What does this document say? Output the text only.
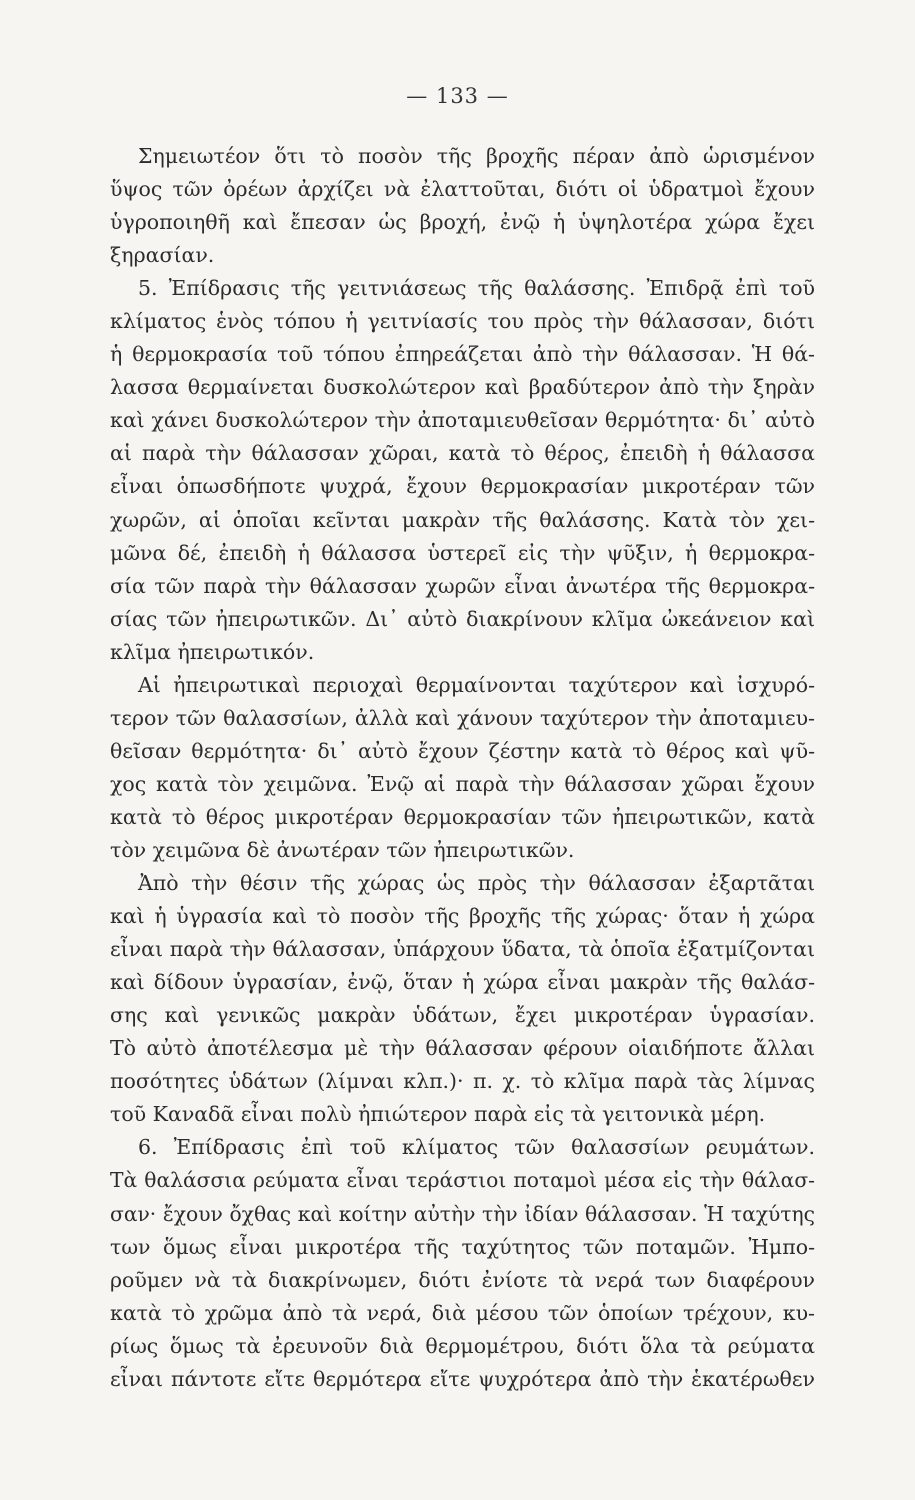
— 133 —
Σημειωτέον ὅτι τὸ ποσὸν τῆς βροχῆς πέραν ἀπὸ ὡρισμένον
ὕψος τῶν ὀρέων ἀρχίζει νὰ ἐλαττοῦται, διότι οἱ ὑδρατμοὶ ἔχουν
ὑγροποιηθῆ καὶ ἔπεσαν ὡς βροχή, ἐνῷ ἡ ὑψηλοτέρα χώρα ἔχει
ξηρασίαν.
5. Ἐπίδρασις τῆς γειτνιάσεως τῆς θαλάσσης. Ἐπιδρᾷ ἐπὶ τοῦ
κλίματος ἑνὸς τόπου ἡ γειτνίασίς του πρὸς τὴν θάλασσαν, διότι
ἡ θερμοκρασία τοῦ τόπου ἐπηρεάζεται ἀπὸ τὴν θάλασσαν. Ἡ θά-
λασσα θερμαίνεται δυσκολώτερον καὶ βραδύτερον ἀπὸ τὴν ξηρὰν
καὶ χάνει δυσκολώτερον τὴν ἀποταμιευθεῖσαν θερμότητα· δι᾿ αὐτὸ
αἱ παρὰ τὴν θάλασσαν χῶραι, κατὰ τὸ θέρος, ἐπειδὴ ἡ θάλασσα
εἶναι ὁπωσδήποτε ψυχρά, ἔχουν θερμοκρασίαν μικροτέραν τῶν
χωρῶν, αἱ ὁποῖαι κεῖνται μακρὰν τῆς θαλάσσης. Κατὰ τὸν χει-
μῶνα δέ, ἐπειδὴ ἡ θάλασσα ὑστερεῖ εἰς τὴν ψῦξιν, ἡ θερμοκρα-
σία τῶν παρὰ τὴν θάλασσαν χωρῶν εἶναι ἀνωτέρα τῆς θερμοκρα-
σίας τῶν ἠπειρωτικῶν. Δι᾿ αὐτὸ διακρίνουν κλῖμα ὠκεάνειον καὶ
κλῖμα ἠπειρωτικόν.
Αἱ ἠπειρωτικαὶ περιοχαὶ θερμαίνονται ταχύτερον καὶ ἰσχυρό-
τερον τῶν θαλασσίων, ἀλλὰ καὶ χάνουν ταχύτερον τὴν ἀποταμιευ-
θεῖσαν θερμότητα· δι᾿ αὐτὸ ἔχουν ζέστην κατὰ τὸ θέρος καὶ ψῦ-
χος κατὰ τὸν χειμῶνα. Ἐνῷ αἱ παρὰ τὴν θάλασσαν χῶραι ἔχουν
κατὰ τὸ θέρος μικροτέραν θερμοκρασίαν τῶν ἠπειρωτικῶν, κατὰ
τὸν χειμῶνα δὲ ἀνωτέραν τῶν ἠπειρωτικῶν.
Ἀπὸ τὴν θέσιν τῆς χώρας ὡς πρὸς τὴν θάλασσαν ἐξαρτᾶται
καὶ ἡ ὑγρασία καὶ τὸ ποσὸν τῆς βροχῆς τῆς χώρας· ὅταν ἡ χώρα
εἶναι παρὰ τὴν θάλασσαν, ὑπάρχουν ὕδατα, τὰ ὁποῖα ἐξατμίζονται
καὶ δίδουν ὑγρασίαν, ἐνῷ, ὅταν ἡ χώρα εἶναι μακρὰν τῆς θαλάσ-
σης καὶ γενικῶς μακρὰν ὑδάτων, ἔχει μικροτέραν ὑγρασίαν.
Τὸ αὐτὸ ἀποτέλεσμα μὲ τὴν θάλασσαν φέρουν οἱαιδήποτε ἄλλαι
ποσότητες ὑδάτων (λίμναι κλπ.)· π. χ. τὸ κλῖμα παρὰ τὰς λίμνας
τοῦ Καναδᾶ εἶναι πολὺ ἠπιώτερον παρὰ εἰς τὰ γειτονικὰ μέρη.
6. Ἐπίδρασις ἐπὶ τοῦ κλίματος τῶν θαλασσίων ρευμάτων.
Τὰ θαλάσσια ρεύματα εἶναι τεράστιοι ποταμοὶ μέσα εἰς τὴν θάλασ-
σαν· ἔχουν ὄχθας καὶ κοίτην αὐτὴν τὴν ἰδίαν θάλασσαν. Ἡ ταχύτης
των ὅμως εἶναι μικροτέρα τῆς ταχύτητος τῶν ποταμῶν. Ἠμπο-
ροῦμεν νὰ τὰ διακρίνωμεν, διότι ἐνίοτε τὰ νερά των διαφέρουν
κατὰ τὸ χρῶμα ἀπὸ τὰ νερά, διὰ μέσου τῶν ὁποίων τρέχουν, κυ-
ρίως ὅμως τὰ ἐρευνοῦν διὰ θερμομέτρου, διότι ὅλα τὰ ρεύματα
εἶναι πάντοτε εἴτε θερμότερα εἴτε ψυχρότερα ἀπὸ τὴν ἑκατέρωθεν
